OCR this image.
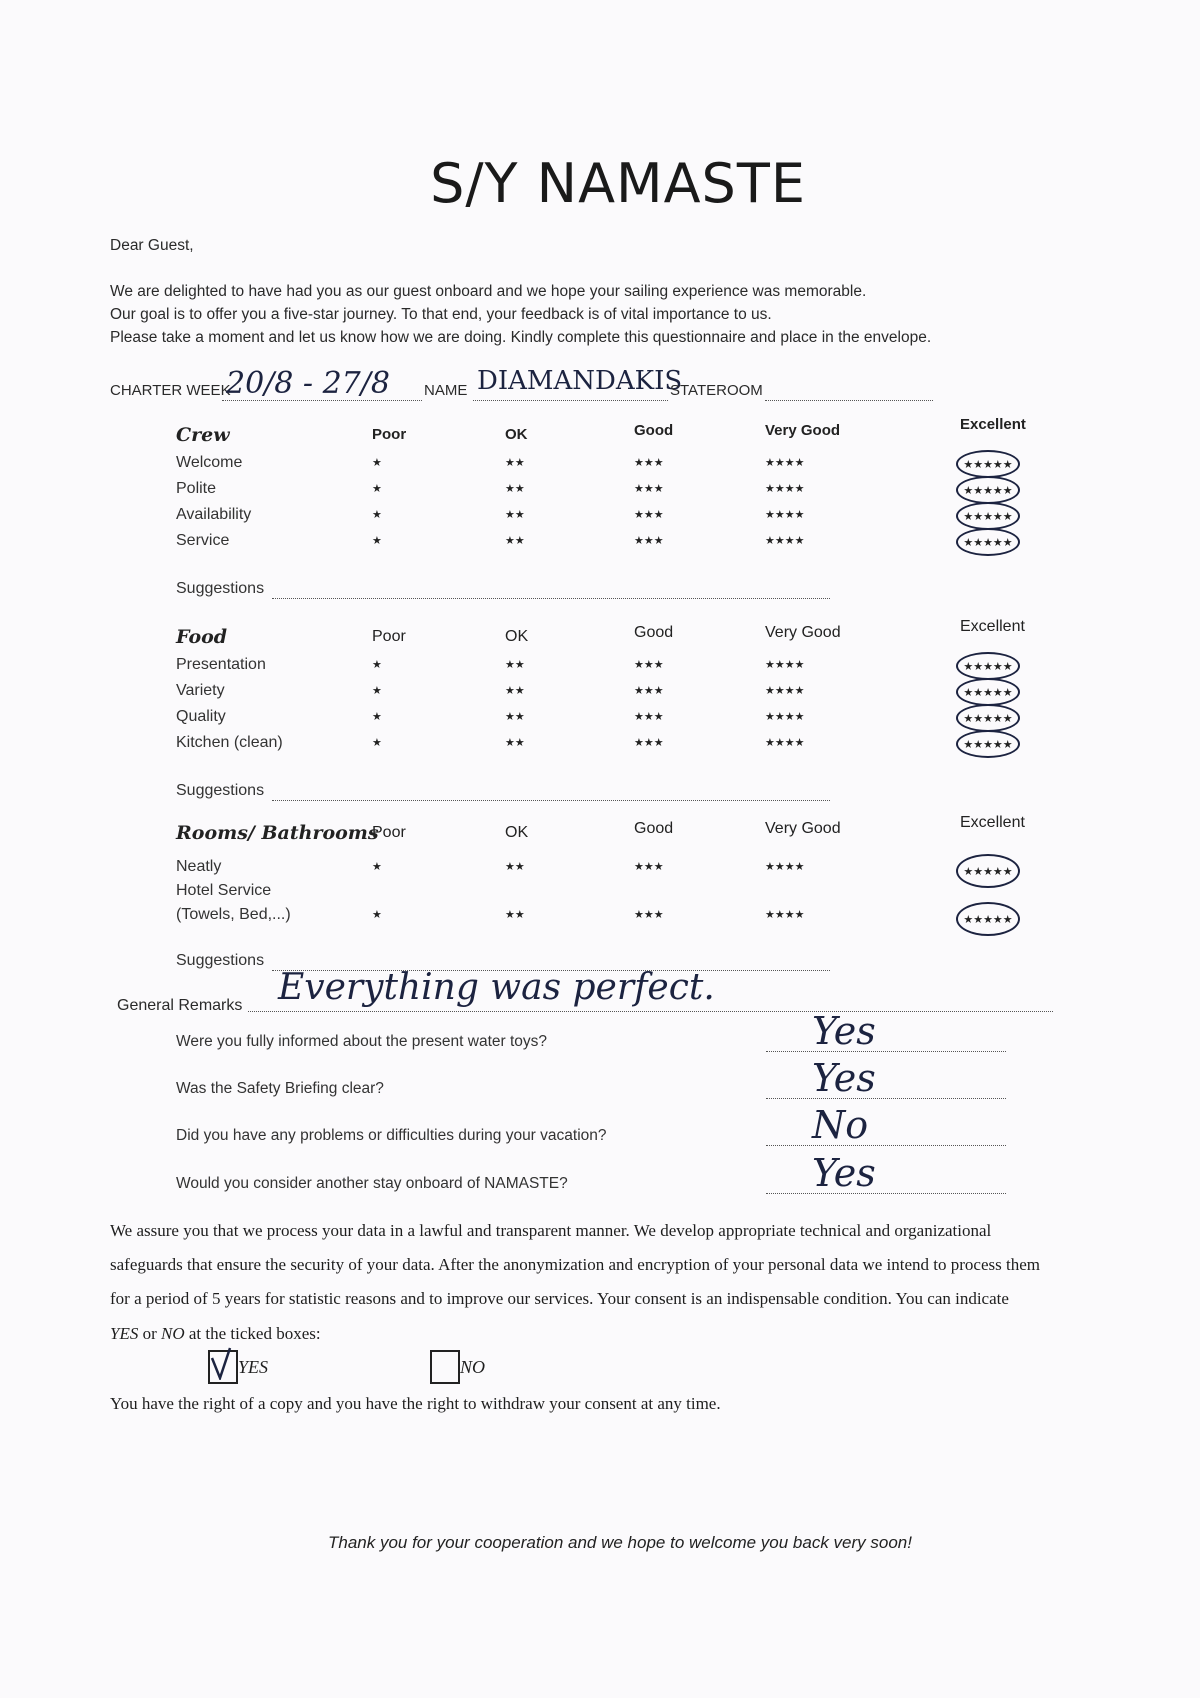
S/Y NAMASTE
Dear Guest,
We are delighted to have had you as our guest onboard and we hope your sailing experience was memorable.
Our goal is to offer you a five-star journey. To that end, your feedback is of vital importance to us.
Please take a moment and let us know how we are doing. Kindly complete this questionnaire and place in the envelope.
CHARTER WEEK
20/8 - 27/8 NAME DIAMANDAKIS
STATEROOM
Crew	Poor	OK	Good	Very Good	Excellent
Welcome	★	★★	★★★	★★★★	★★★★★
Polite	★	★★	★★★	★★★★	★★★★★
Availability	★	★★	★★★	★★★★	★★★★★
Service	★	★★	★★★	★★★★	★★★★★
Suggestions
Food	Poor	OK	Good	Very Good	Excellent
Presentation	★	★★	★★★	★★★★	★★★★★
Variety	★	★★	★★★	★★★★	★★★★★
Quality	★	★★	★★★	★★★★	★★★★★
Kitchen (clean)	★	★★	★★★	★★★★	★★★★★
Suggestions
Rooms/ Bathrooms
Poor	OK	Good	Very Good	Excellent
Neatly	★	★★	★★★	★★★★	★★★★★
Hotel Service
(Towels, Bed,...)	★	★★	★★★	★★★★	★★★★★
Suggestions
General Remarks Everything was perfect.
Were you fully informed about the present water toys?	Yes
Was the Safety Briefing clear?	Yes
Did you have any problems or difficulties during your vacation?	No
Would you consider another stay onboard of NAMASTE?	Yes
We assure you that we process your data in a lawful and transparent manner. We develop appropriate technical and organizational
safeguards that ensure the security of your data. After the anonymization and encryption of your personal data we intend to process them
for a period of 5 years for statistic reasons and to improve our services. Your consent is an indispensable condition. You can indicate
YES or NO at the ticked boxes:
YES	NO
You have the right of a copy and you have the right to withdraw your consent at any time.
Thank you for your cooperation and we hope to welcome you back very soon!
